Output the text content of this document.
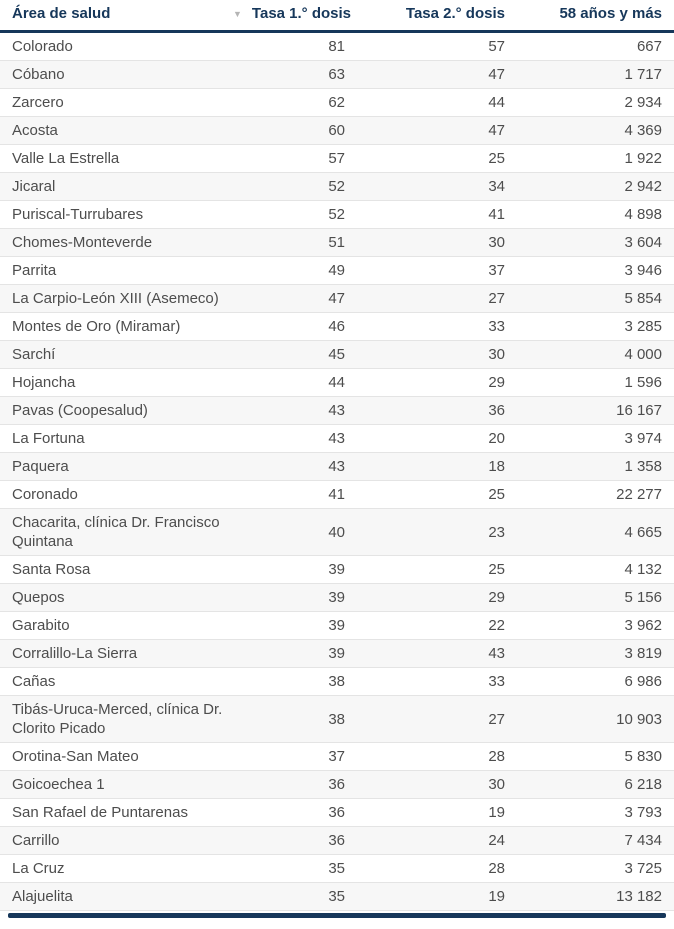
Área de salud	▼ Tasa 1.° dosis	Tasa 2.° dosis	58 años y más
Colorado	81	57	667
Cóbano	63	47	1 717
Zarcero	62	44	2 934
Acosta	60	47	4 369
Valle La Estrella	57	25	1 922
Jicaral	52	34	2 942
Puriscal-Turrubares	52	41	4 898
Chomes-Monteverde	51	30	3 604
Parrita	49	37	3 946
La Carpio-León XIII (Asemeco)	47	27	5 854
Montes de Oro (Miramar)	46	33	3 285
Sarchí	45	30	4 000
Hojancha	44	29	1 596
Pavas (Coopesalud)	43	36	16 167
La Fortuna	43	20	3 974
Paquera	43	18	1 358
Coronado	41	25	22 277
Chacarita, clínica Dr. Francisco Quintana	40	23	4 665
Santa Rosa	39	25	4 132
Quepos	39	29	5 156
Garabito	39	22	3 962
Corralillo-La Sierra	39	43	3 819
Cañas	38	33	6 986
Tibás-Uruca-Merced, clínica Dr. Clorito Picado	38	27	10 903
Orotina-San Mateo	37	28	5 830
Goicoechea 1	36	30	6 218
San Rafael de Puntarenas	36	19	3 793
Carrillo	36	24	7 434
La Cruz	35	28	3 725
Alajuelita	35	19	13 182
